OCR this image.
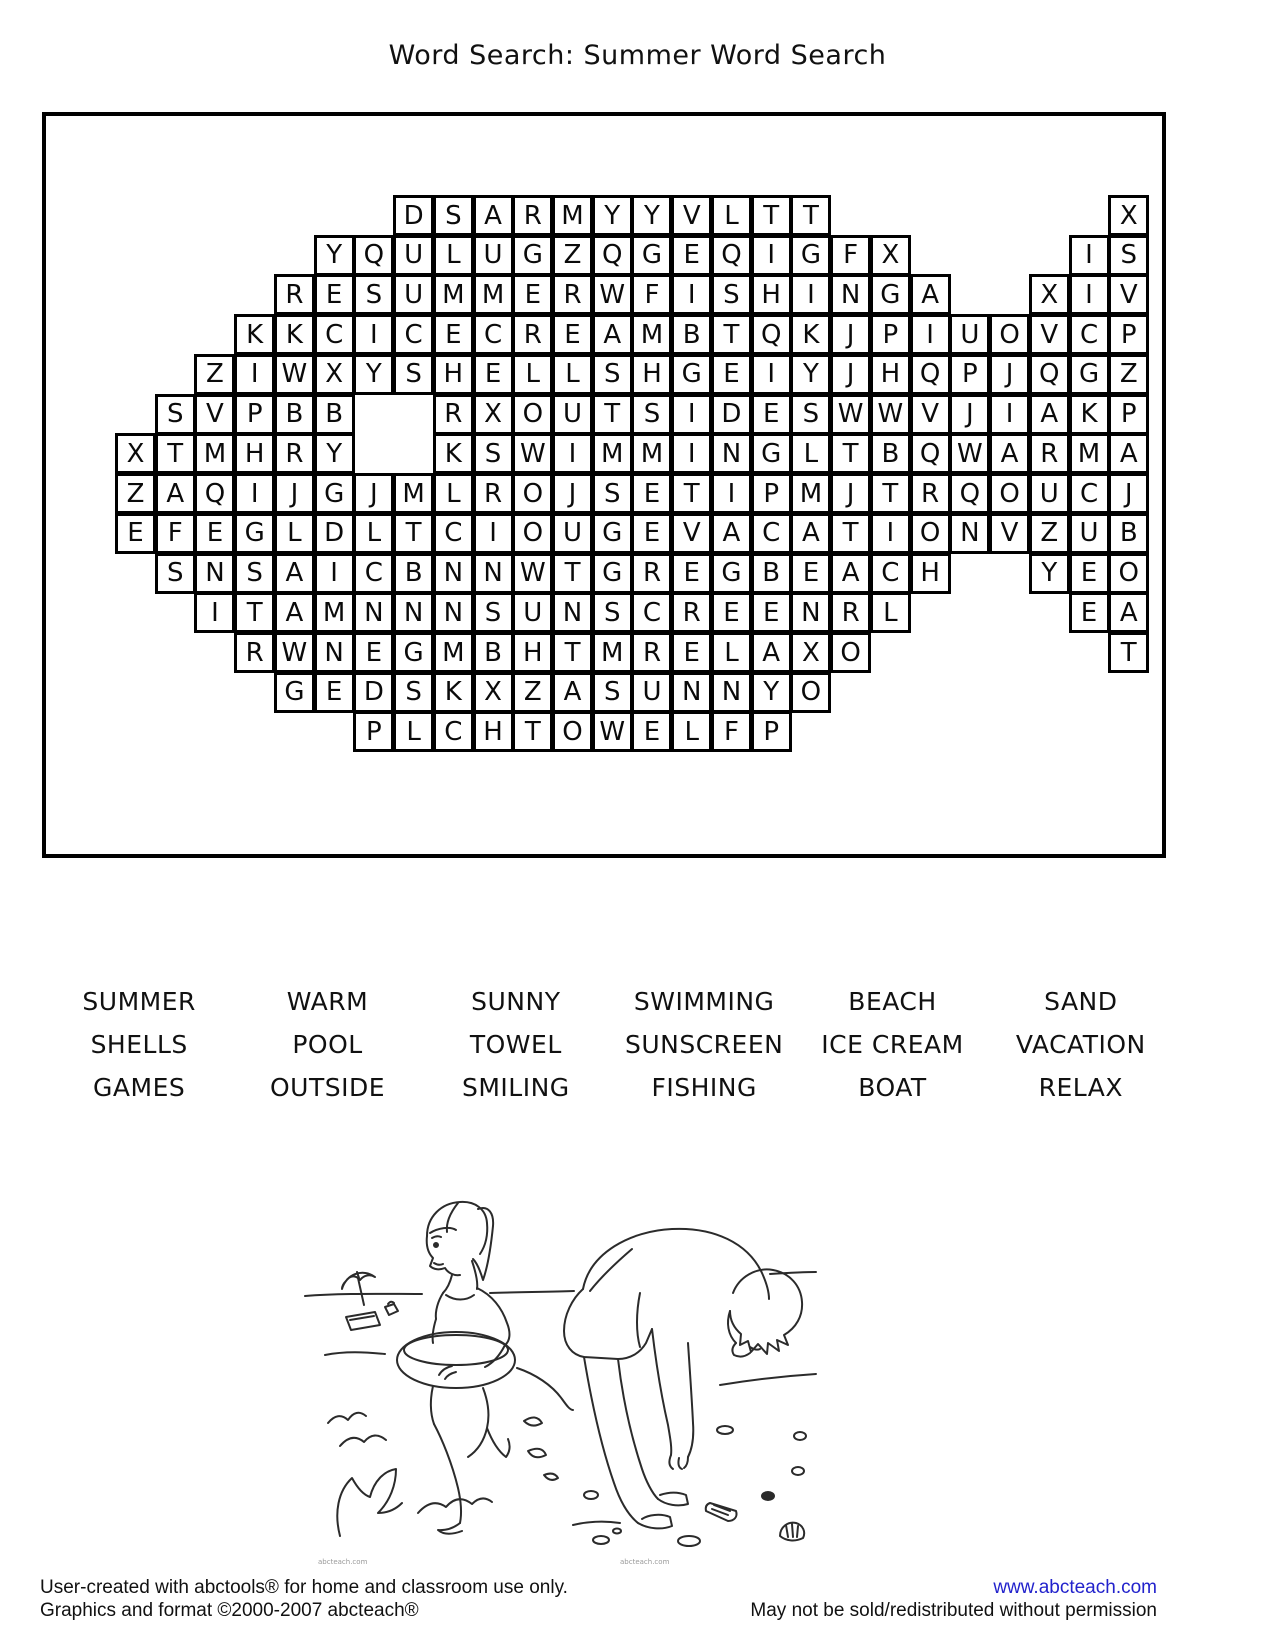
Word Search: Summer Word Search
D S A R M Y Y V L T T	X
Y Q U L U G Z Q G E Q I G F X	I	S
R E S U M M E R W F	I	S H	I	N G A	X	I	V
K K C	I	C E C R E A M B T Q K	J	P	I	U O V C P
Z	I W X Y S H E L L S H G E	I	Y	J	H Q P	J Q G Z
S V P B B	R X O U T S	I D E S W W V	J	I	A K P
X T M H R Y	K S W I M M I	N G L T B Q W A R M A
Z A Q I	J G J M L R O J	S E T	I	P M J	T R Q O U C	J
E F E G L D L T C	I O U G E V A C A T	I O N V Z U B
S N S A	I	C B N N W T G R E G B E A C H	Y E O
I	T A M N N N S U N S C R E E N R L	E A
R W N E G M B H T M R E L A X O	T
G E D S K X Z A S U N N Y O
P L C H T O W E L F P
SUMMER	WARM	SUNNY	SWIMMING	BEACH	SAND
SHELLS	POOL	TOWEL	SUNSCREEN	ICE CREAM	VACATION
GAMES	OUTSIDE	SMILING	FISHING	BOAT	RELAX
abcteach.com	abcteach.com
User-created with abctools® for home and classroom use only.
Graphics and format ©2000-2007 abcteach®
www.abcteach.com
May not be sold/redistributed without permission
